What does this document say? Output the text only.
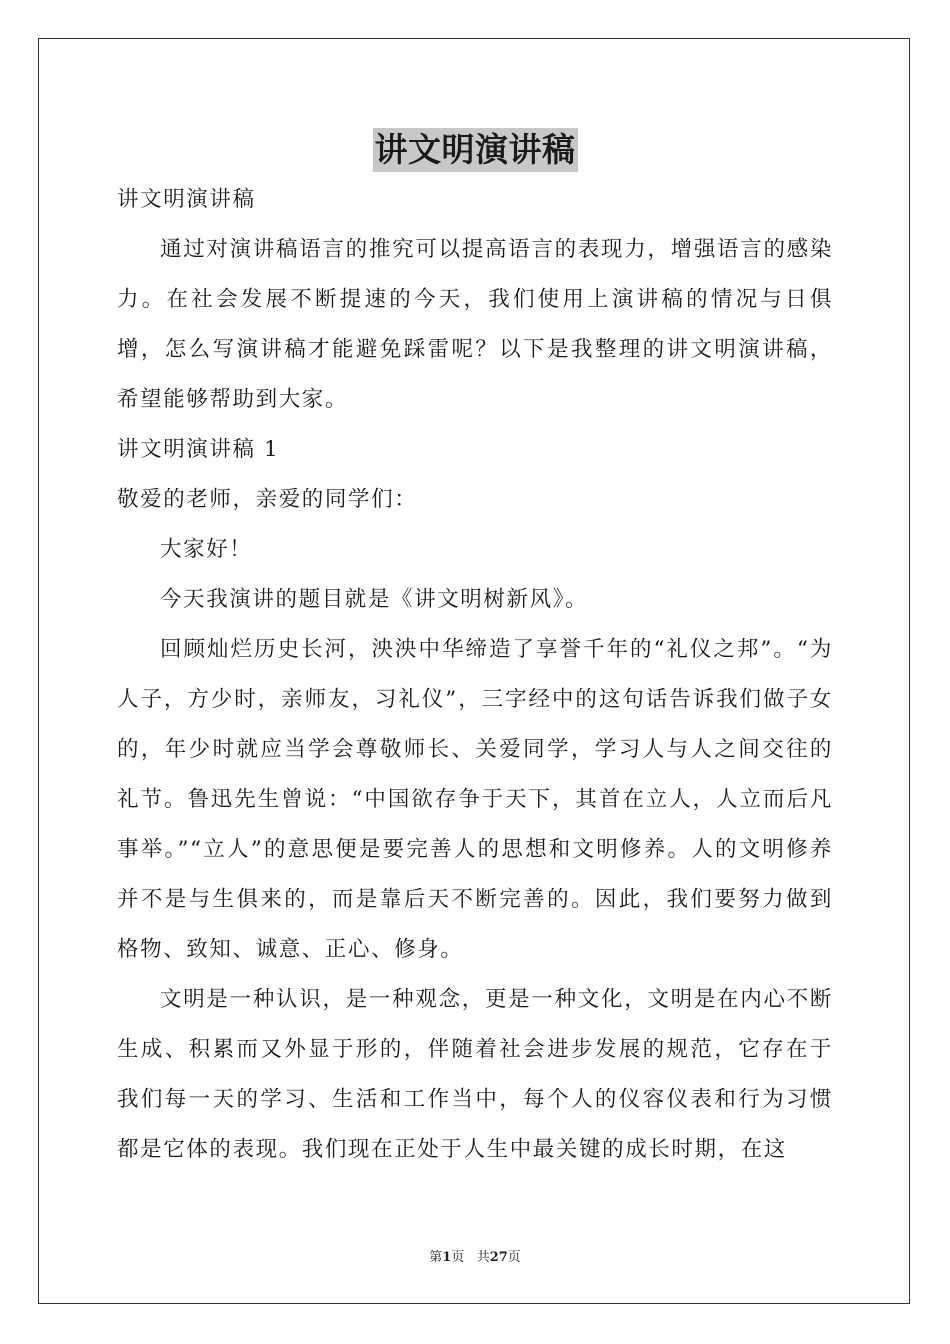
讲文明演讲稿

讲文明演讲稿

通过对演讲稿语言的推究可以提高语言的表现力，增强语言的感染力。在社会发展不断提速的今天，我们使用上演讲稿的情况与日俱增，怎么写演讲稿才能避免踩雷呢？以下是我整理的讲文明演讲稿，希望能够帮助到大家。

讲文明演讲稿 1

敬爱的老师，亲爱的同学们：

大家好！

今天我演讲的题目就是《讲文明树新风》。

回顾灿烂历史长河，泱泱中华缔造了享誉千年的“礼仪之邦”。“为人子，方少时，亲师友，习礼仪”，三字经中的这句话告诉我们做子女的，年少时就应当学会尊敬师长、关爱同学，学习人与人之间交往的礼节。鲁迅先生曾说：“中国欲存争于天下，其首在立人，人立而后凡事举。”“立人”的意思便是要完善人的思想和文明修养。人的文明修养并不是与生俱来的，而是靠后天不断完善的。因此，我们要努力做到格物、致知、诚意、正心、修身。

文明是一种认识，是一种观念，更是一种文化，文明是在内心不断生成、积累而又外显于形的，伴随着社会进步发展的规范，它存在于我们每一天的学习、生活和工作当中，每个人的仪容仪表和行为习惯都是它体的表现。我们现在正处于人生中最关键的成长时期，在这

第1页 共27页
